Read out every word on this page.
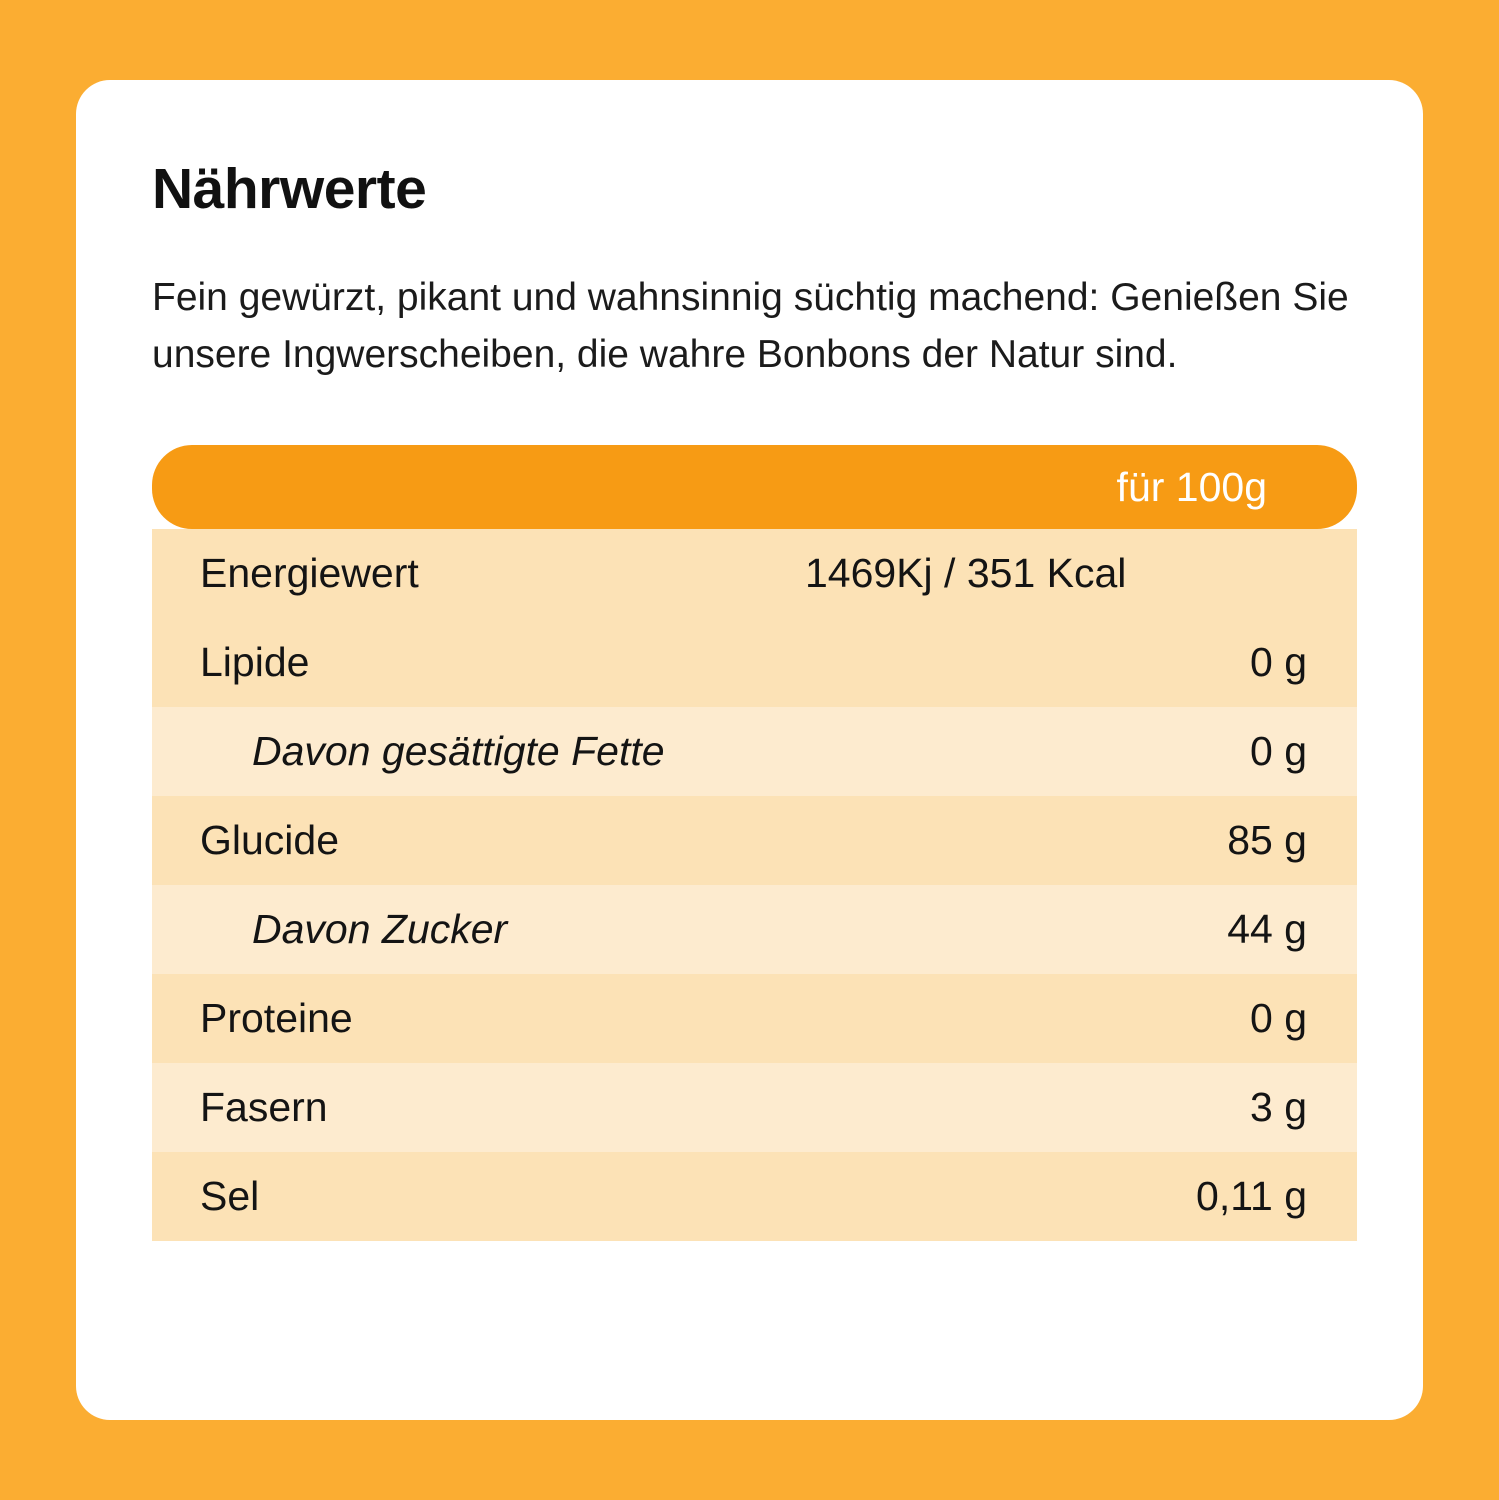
Nährwerte

Fein gewürzt, pikant und wahnsinnig süchtig machend: Genießen Sie unsere Ingwerscheiben, die wahre Bonbons der Natur sind.

für 100g
Energiewert	1469Kj / 351 Kcal
Lipide	0 g
Davon gesättigte Fette	0 g
Glucide	85 g
Davon Zucker	44 g
Proteine	0 g
Fasern	3 g
Sel	0,11 g
